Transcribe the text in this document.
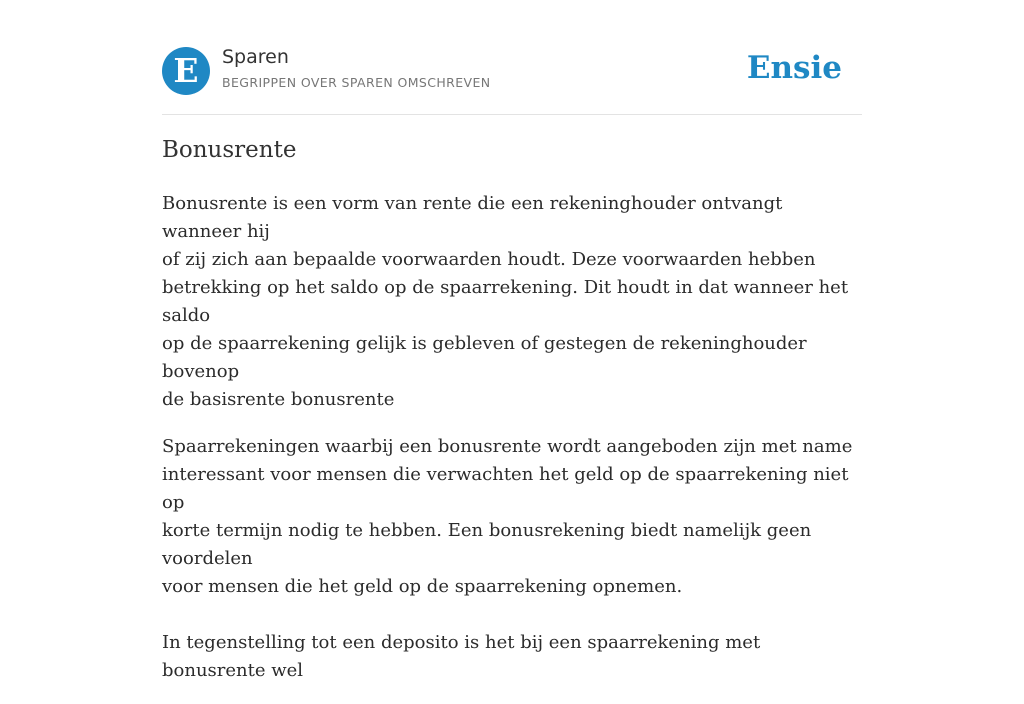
E	Sparen
BEGRIPPEN OVER SPAREN OMSCHREVEN	Ensie
Bonusrente

Bonusrente is een vorm van rente die een rekeninghouder ontvangt wanneer hij
of zij zich aan bepaalde voorwaarden houdt. Deze voorwaarden hebben
betrekking op het saldo op de spaarrekening. Dit houdt in dat wanneer het saldo
op de spaarrekening gelijk is gebleven of gestegen de rekeninghouder bovenop
de basisrente bonusrente

Spaarrekeningen waarbij een bonusrente wordt aangeboden zijn met name
interessant voor mensen die verwachten het geld op de spaarrekening niet op
korte termijn nodig te hebben. Een bonusrekening biedt namelijk geen voordelen
voor mensen die het geld op de spaarrekening opnemen.

In tegenstelling tot een deposito is het bij een spaarrekening met bonusrente wel
